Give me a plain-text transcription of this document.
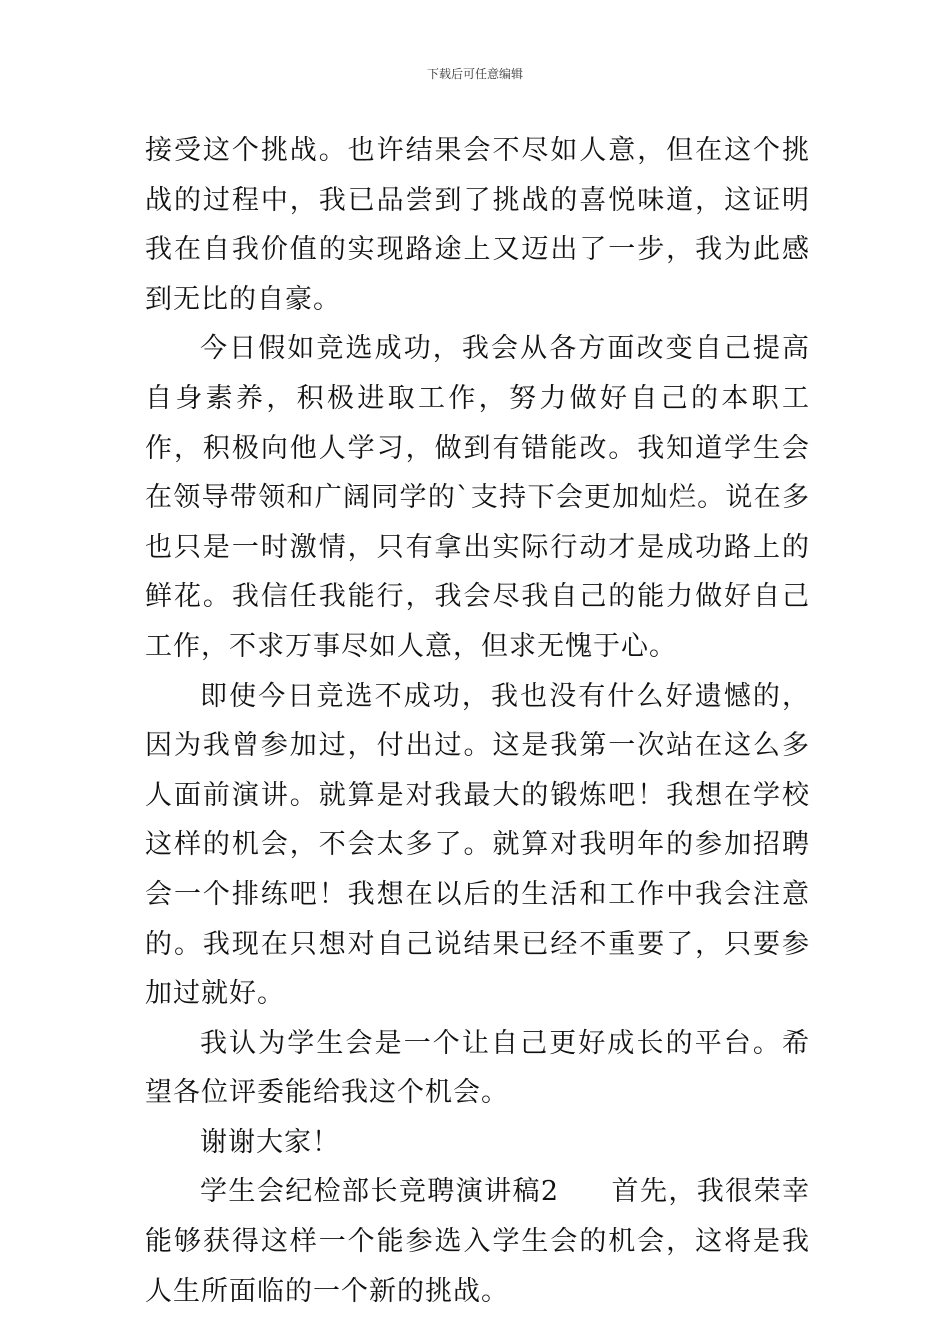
下载后可任意编辑

接受这个挑战。也许结果会不尽如人意，但在这个挑战的过程中，我已品尝到了挑战的喜悦味道，这证明我在自我价值的实现路途上又迈出了一步，我为此感到无比的自豪。

今日假如竞选成功，我会从各方面改变自己提高自身素养，积极进取工作，努力做好自己的本职工作，积极向他人学习，做到有错能改。我知道学生会在领导带领和广阔同学的`支持下会更加灿烂。说在多也只是一时激情，只有拿出实际行动才是成功路上的鲜花。我信任我能行，我会尽我自己的能力做好自己工作，不求万事尽如人意，但求无愧于心。

即使今日竞选不成功，我也没有什么好遗憾的，因为我曾参加过，付出过。这是我第一次站在这么多人面前演讲。就算是对我最大的锻炼吧！我想在学校这样的机会，不会太多了。就算对我明年的参加招聘会一个排练吧！我想在以后的生活和工作中我会注意的。我现在只想对自己说结果已经不重要了，只要参加过就好。

我认为学生会是一个让自己更好成长的平台。希望各位评委能给我这个机会。

谢谢大家！

学生会纪检部长竞聘演讲稿2 首先，我很荣幸能够获得这样一个能参选入学生会的机会，这将是我人生所面临的一个新的挑战。
